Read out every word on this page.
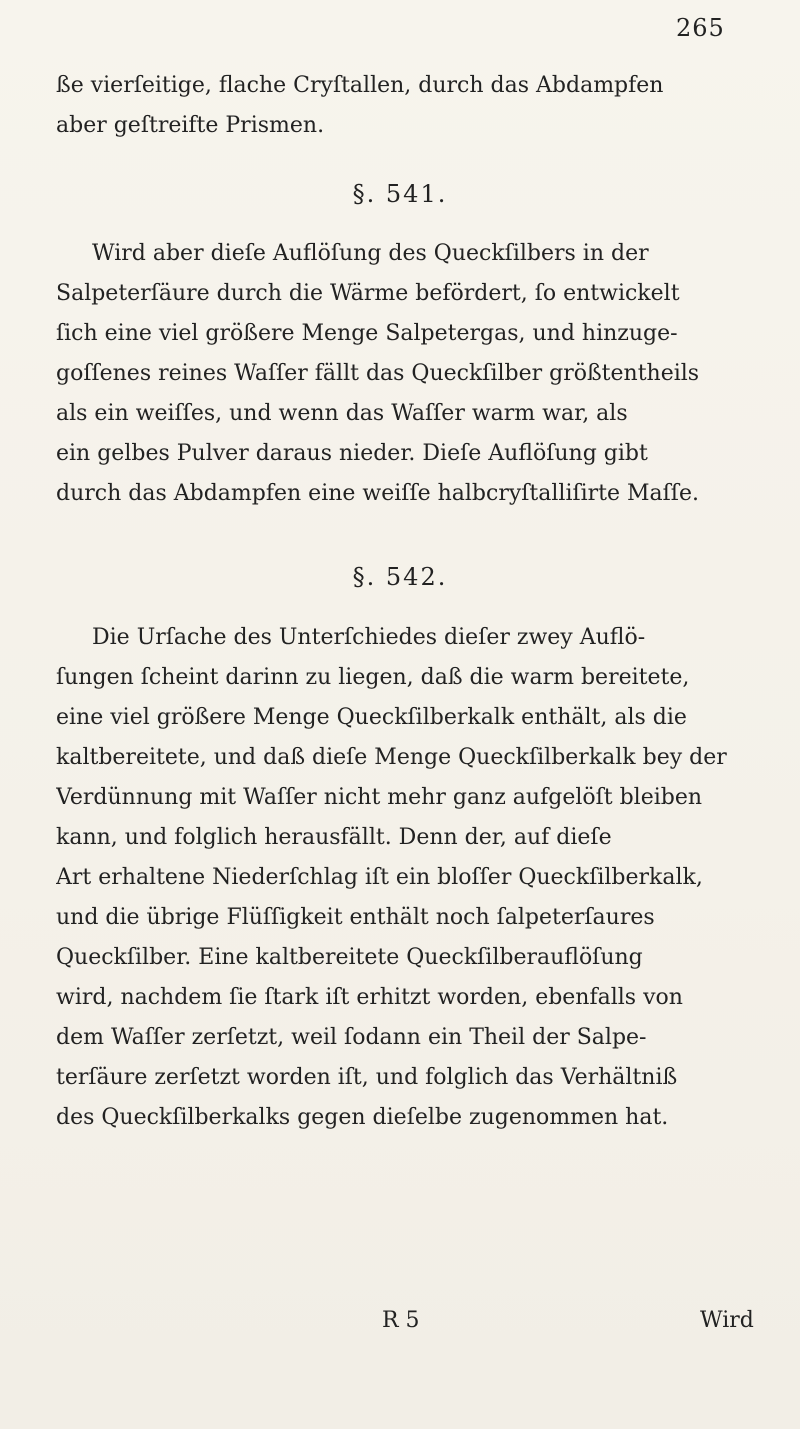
265
ße vierſeitige, flache Cryſtallen, durch das Abdampfen
aber geſtreifte Prismen.
§. 541.
Wird aber dieſe Auflöſung des Queckſilbers in der
Salpeterſäure durch die Wärme befördert, ſo entwickelt
ſich eine viel größere Menge Salpetergas, und hinzuge-
goſſenes reines Waſſer fällt das Queckſilber größtentheils
als ein weiſſes, und wenn das Waſſer warm war, als
ein gelbes Pulver daraus nieder. Dieſe Auflöſung gibt
durch das Abdampfen eine weiſſe halbcryſtalliſirte Maſſe.
§. 542.
Die Urſache des Unterſchiedes dieſer zwey Auflö-
ſungen ſcheint darinn zu liegen, daß die warm bereitete,
eine viel größere Menge Queckſilberkalk enthält, als die
kaltbereitete, und daß dieſe Menge Queckſilberkalk bey der
Verdünnung mit Waſſer nicht mehr ganz aufgelöſt bleiben
kann, und folglich herausfällt. Denn der, auf dieſe
Art erhaltene Niederſchlag iſt ein bloſſer Queckſilberkalk,
und die übrige Flüſſigkeit enthält noch ſalpeterſaures
Queckſilber. Eine kaltbereitete Queckſilberauflöſung
wird, nachdem ſie ſtark iſt erhitzt worden, ebenfalls von
dem Waſſer zerſetzt, weil ſodann ein Theil der Salpe-
terſäure zerſetzt worden iſt, und folglich das Verhältniß
des Queckſilberkalks gegen dieſelbe zugenommen hat.
R 5	Wird
